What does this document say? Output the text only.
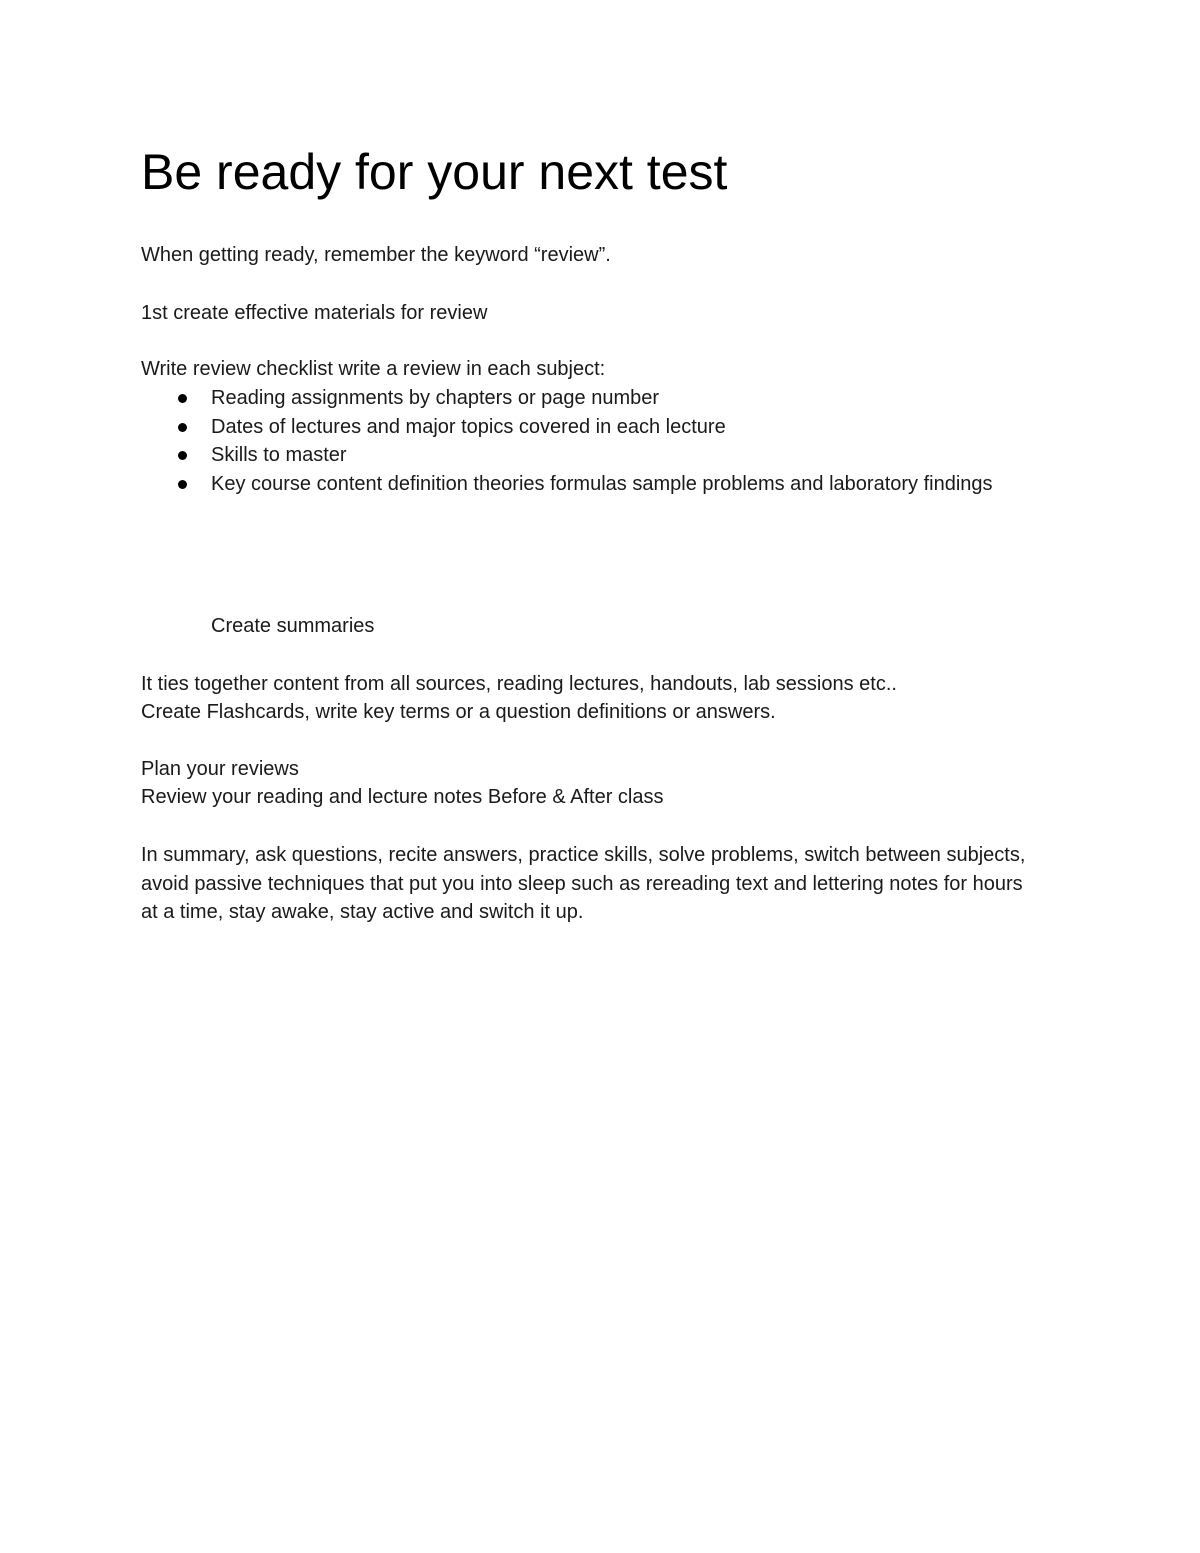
Be ready for your next test

When getting ready, remember the keyword “review”.

1st create effective materials for review

Write review checklist write a review in each subject:

Reading assignments by chapters or page number
Dates of lectures and major topics covered in each lecture
Skills to master
Key course content definition theories formulas sample problems and laboratory findings

Create summaries

It ties together content from all sources, reading lectures, handouts, lab sessions etc..

Create Flashcards, write key terms or a question definitions or answers.

Plan your reviews

Review your reading and lecture notes Before & After class

In summary, ask questions, recite answers, practice skills, solve problems, switch between subjects, avoid passive techniques that put you into sleep such as rereading text and lettering notes for hours at a time, stay awake, stay active and switch it up.
